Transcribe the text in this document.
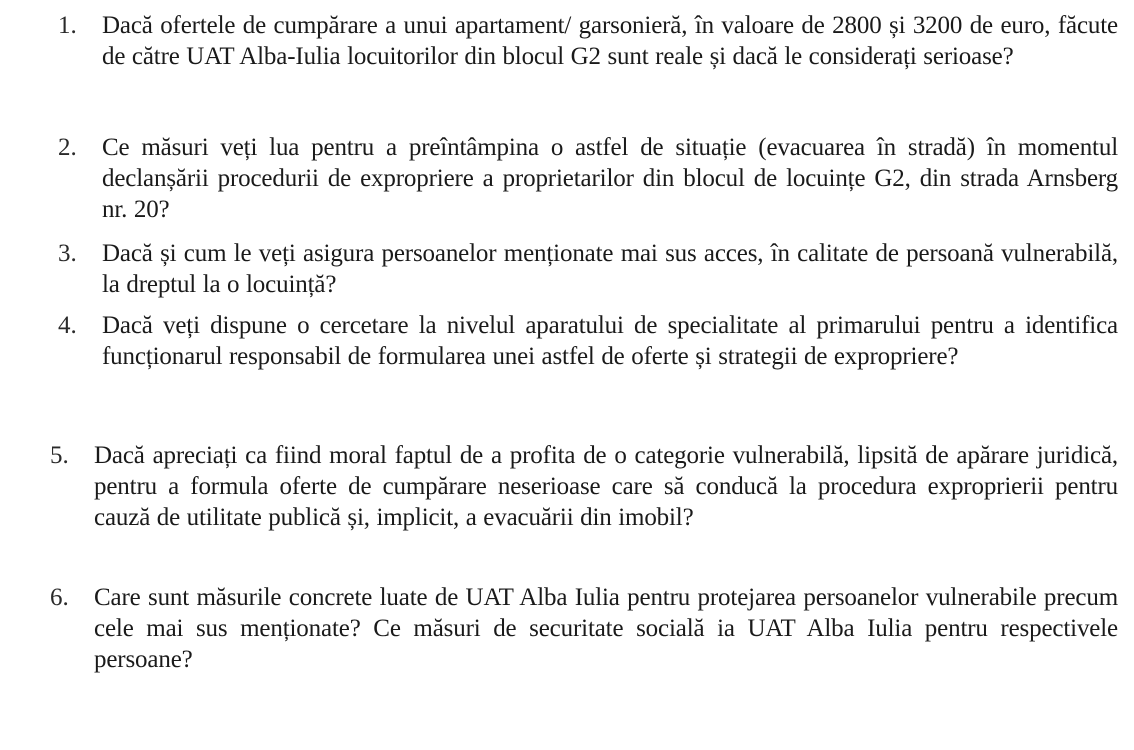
1.	Dacă ofertele de cumpărare a unui apartament/ garsonieră, în valoare de 2800 și 3200 de euro, făcute de către UAT Alba-Iulia locuitorilor din blocul G2 sunt reale și dacă le considerați serioase?
2.	Ce măsuri veți lua pentru a preîntâmpina o astfel de situație (evacuarea în stradă) în momentul declanșării procedurii de expropriere a proprietarilor din blocul de locuințe G2, din strada Arnsberg nr. 20?
3.	Dacă și cum le veți asigura persoanelor menționate mai sus acces, în calitate de persoană vulnerabilă, la dreptul la o locuință?
4.	Dacă veți dispune o cercetare la nivelul aparatului de specialitate al primarului pentru a identifica funcționarul responsabil de formularea unei astfel de oferte și strategii de expropriere?
5.	Dacă apreciați ca fiind moral faptul de a profita de o categorie vulnerabilă, lipsită de apărare juridică, pentru a formula oferte de cumpărare neserioase care să conducă la procedura exproprierii pentru cauză de utilitate publică și, implicit, a evacuării din imobil?
6.	Care sunt măsurile concrete luate de UAT Alba Iulia pentru protejarea persoanelor vulnerabile precum cele mai sus menționate? Ce măsuri de securitate socială ia UAT Alba Iulia pentru respectivele persoane?
